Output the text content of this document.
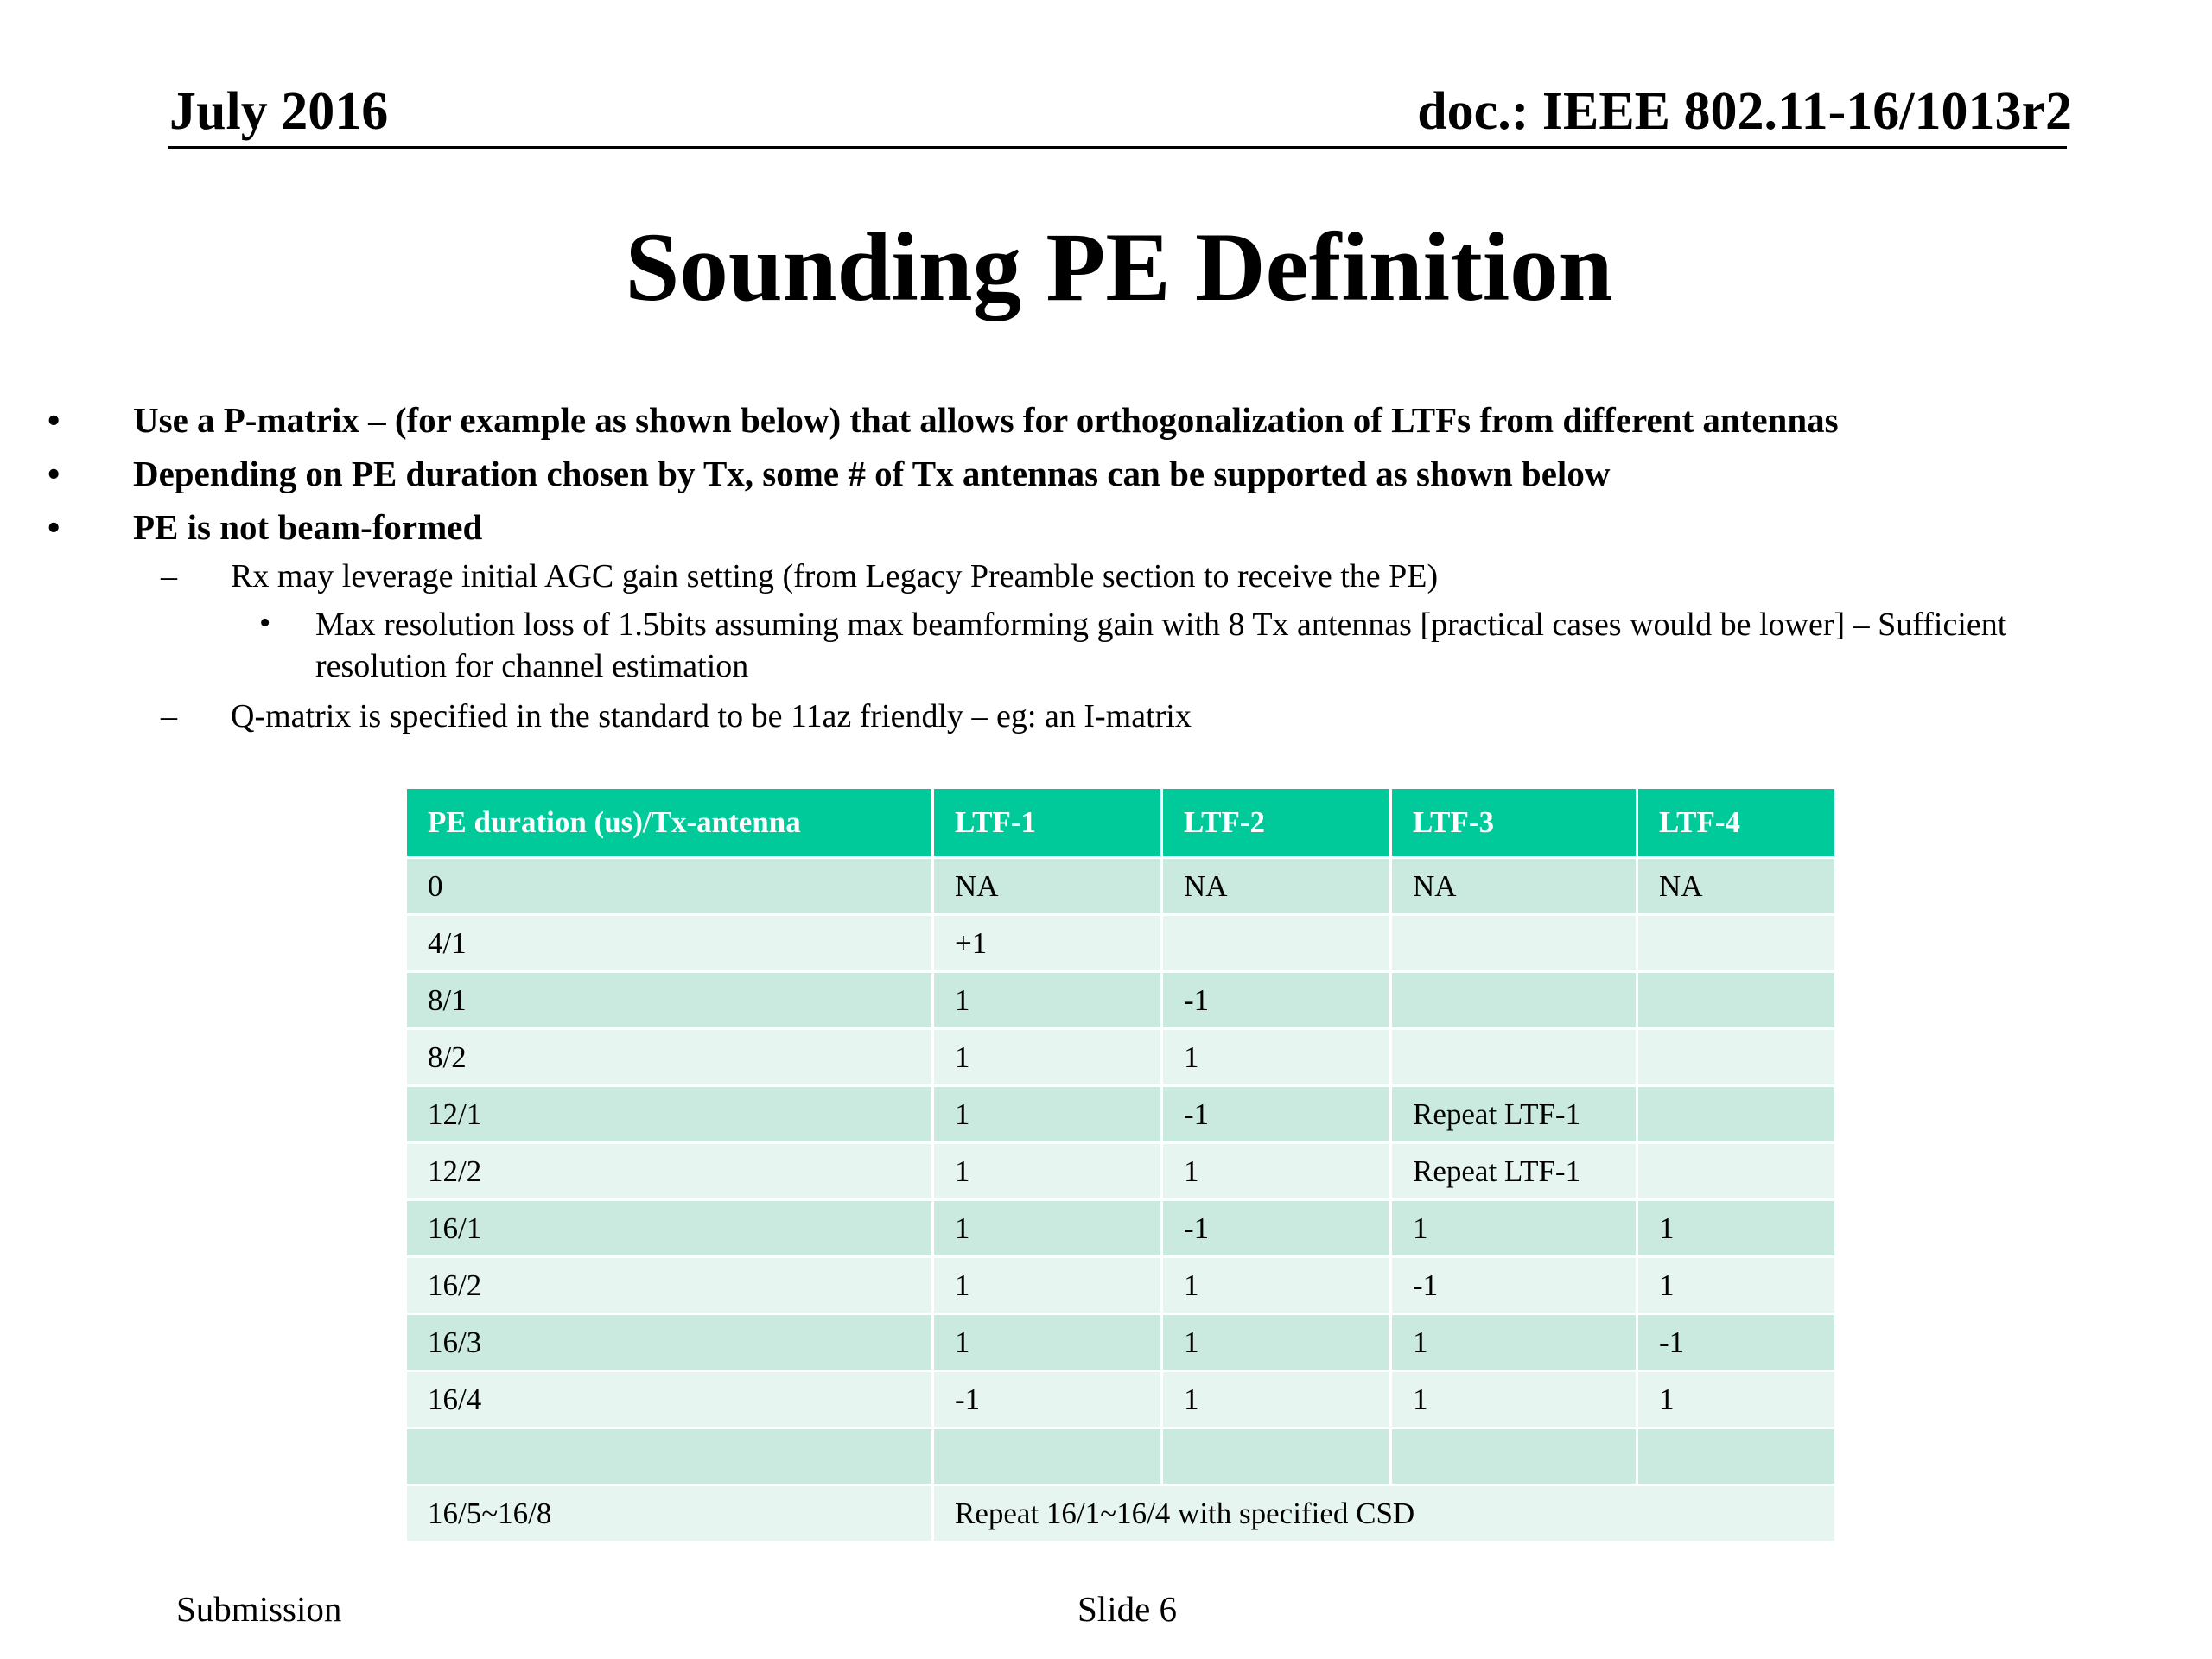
July 2016	doc.: IEEE 802.11-16/1013r2
Sounding PE Definition
• Use a P-matrix – (for example as shown below) that allows for orthogonalization of LTFs from different antennas
• Depending on PE duration chosen by Tx, some # of Tx antennas can be supported as shown below
• PE is not beam-formed
– Rx may leverage initial AGC gain setting (from Legacy Preamble section to receive the PE)
• Max resolution loss of 1.5bits assuming max beamforming gain with 8 Tx antennas [practical cases would be lower] – Sufficient resolution for channel estimation
– Q-matrix is specified in the standard to be 11az friendly – eg: an I-matrix
PE duration (us)/Tx-antenna	LTF-1	LTF-2	LTF-3	LTF-4
0	NA	NA	NA	NA
4/1	+1			
8/1	1	-1		
8/2	1	1		
12/1	1	-1	Repeat LTF-1	
12/2	1	1	Repeat LTF-1	
16/1	1	-1	1	1
16/2	1	1	-1	1
16/3	1	1	1	-1
16/4	-1	1	1	1

16/5~16/8	Repeat 16/1~16/4 with specified CSD			
Submission	Slide 6
